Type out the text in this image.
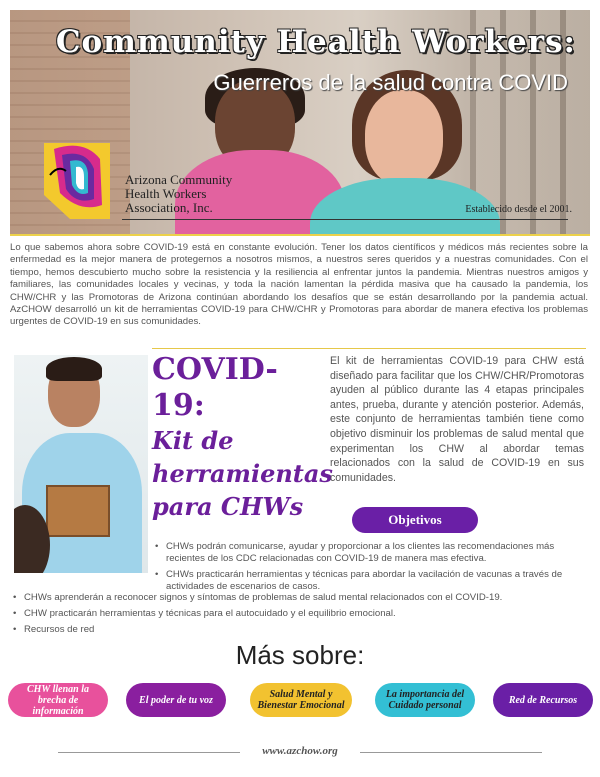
Community Health Workers:
Guerreros de la salud contra COVID
Arizona Community Health Workers Association, Inc.	Establecido desde el 2001.

Lo que sabemos ahora sobre COVID-19 está en constante evolución. Tener los datos científicos y médicos más recientes sobre la enfermedad es la mejor manera de protegernos a nosotros mismos, a nuestros seres queridos y a nuestras comunidades. Con el tiempo, hemos descubierto mucho sobre la resistencia y la resiliencia al enfrentar juntos la pandemia. Mientras nuestros amigos y familiares, las comunidades locales y vecinas, y toda la nación lamentan la pérdida masiva que ha causado la pandemia, los CHW/CHR y las Promotoras de Arizona continúan abordando los desafíos que se están desarrollando por la pandemia actual. AzCHOW desarrolló un kit de herramientas COVID-19 para CHW/CHR y Promotoras para abordar de manera efectiva los problemas urgentes de COVID-19 en sus comunidades.

COVID-19:
Kit de
herramientas
para CHWs

El kit de herramientas COVID-19 para CHW está diseñado para facilitar que los CHW/CHR/Promotoras ayuden al público durante las 4 etapas principales antes, prueba, durante y atención posterior. Además, este conjunto de herramientas también tiene como objetivo disminuir los problemas de salud mental que experimentan los CHW al abordar temas relacionados con la salud de COVID-19 en sus comunidades.

Objetivos
• CHWs podrán comunicarse, ayudar y proporcionar a los clientes las recomendaciones más recientes de los CDC relacionadas con COVID-19 de manera mas efectiva.
• CHWs practicarán herramientas y técnicas para abordar la vacilación de vacunas a través de actividades de escenarios de casos.
• CHWs aprenderán a reconocer signos y síntomas de problemas de salud mental relacionados con el COVID-19.
• CHW practicarán herramientas y técnicas para el autocuidado y el equilibrio emocional.
• Recursos de red
Más sobre:
CHW llenan la brecha de información
El poder de tu voz	Salud Mental y Bienestar Emocional
La importancia del Cuidado personal	Red de Recursos
www.azchow.org
